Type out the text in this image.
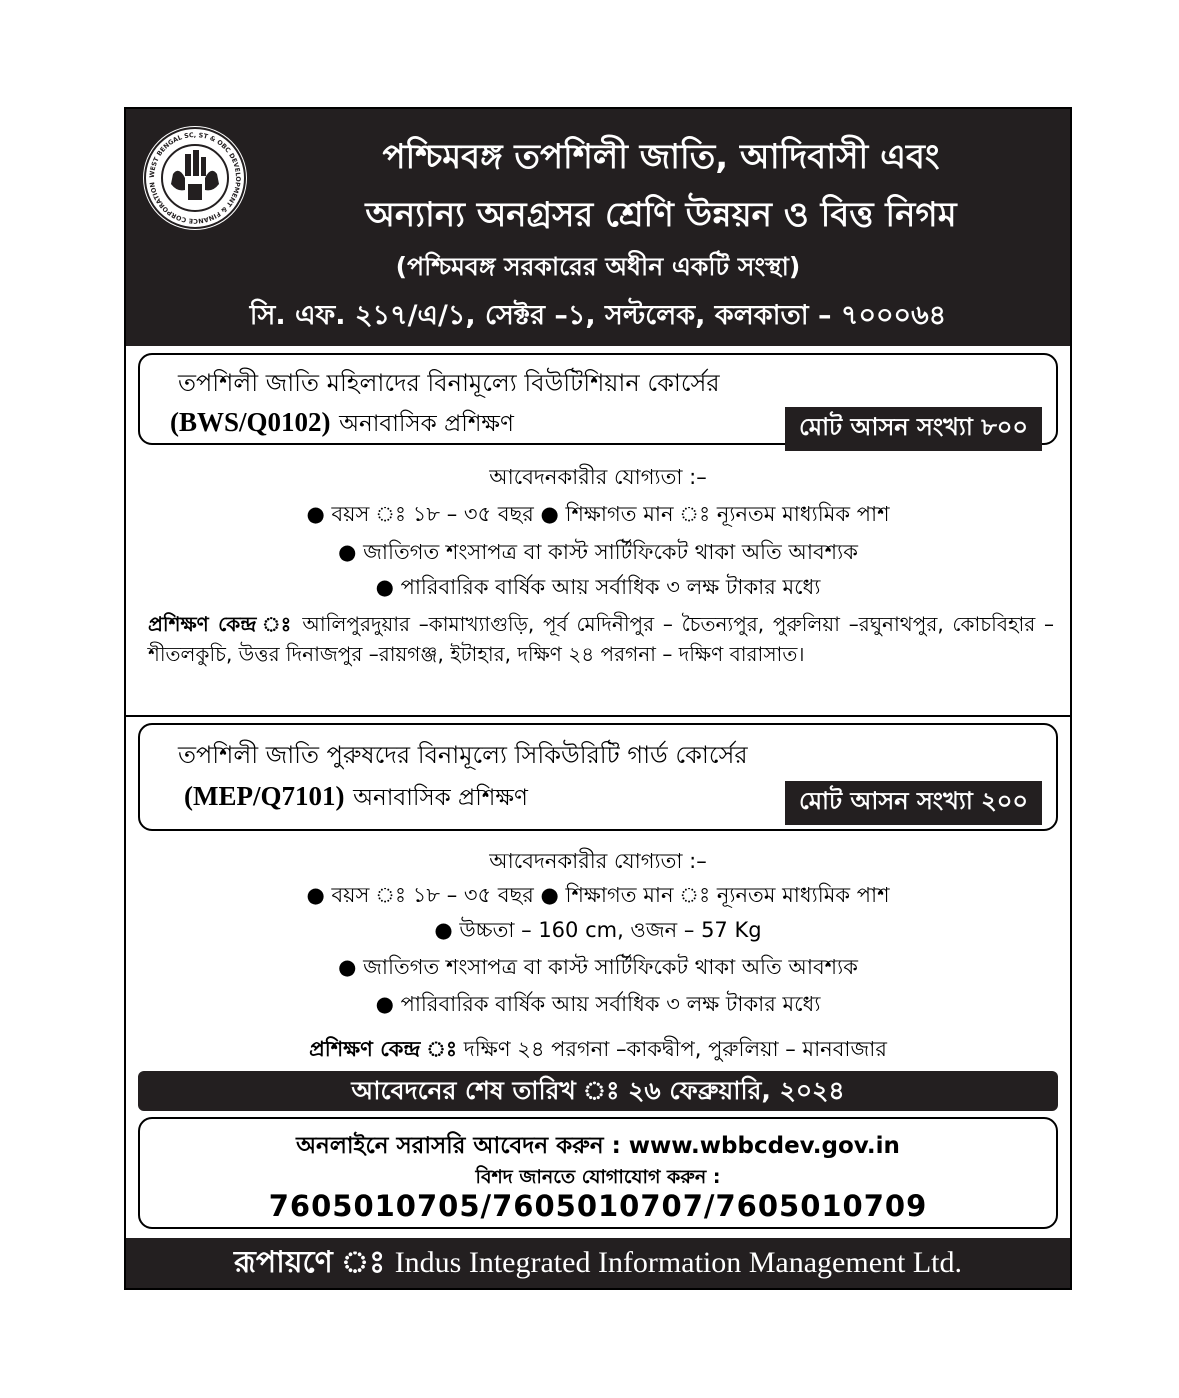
WEST BENGAL SC, ST & OBC DEVELOPMENT & FINANCE CORPORATION
পশ্চিমবঙ্গ তপশিলী জাতি, আদিবাসী এবং
অন্যান্য অনগ্রসর শ্রেণি উন্নয়ন ও বিত্ত নিগম
(পশ্চিমবঙ্গ সরকারের অধীন একটি সংস্থা)
সি. এফ. ২১৭/এ/১, সেক্টর –১, সল্টলেক, কলকাতা – ৭০০০৬৪
তপশিলী জাতি মহিলাদের বিনামূল্যে বিউটিশিয়ান কোর্সের
(BWS/Q0102) অনাবাসিক প্রশিক্ষণ	মোট আসন সংখ্যা ৮০০
আবেদনকারীর যোগ্যতা :–
● বয়স ঃ ১৮ – ৩৫ বছর ● শিক্ষাগত মান ঃ ন্যূনতম মাধ্যমিক পাশ
● জাতিগত শংসাপত্র বা কাস্ট সার্টিফিকেট থাকা অতি আবশ্যক
● পারিবারিক বার্ষিক আয় সর্বাধিক ৩ লক্ষ টাকার মধ্যে
প্রশিক্ষণ কেন্দ্র ঃ আলিপুরদুয়ার –কামাখ্যাগুড়ি, পূর্ব মেদিনীপুর – চৈতন্যপুর, পুরুলিয়া –রঘুনাথপুর, কোচবিহার – শীতলকুচি, উত্তর দিনাজপুর –রায়গঞ্জ, ইটাহার, দক্ষিণ ২৪ পরগনা – দক্ষিণ বারাসাত।
তপশিলী জাতি পুরুষদের বিনামূল্যে সিকিউরিটি গার্ড কোর্সের
(MEP/Q7101) অনাবাসিক প্রশিক্ষণ	মোট আসন সংখ্যা ২০০
আবেদনকারীর যোগ্যতা :–
● বয়স ঃ ১৮ – ৩৫ বছর ● শিক্ষাগত মান ঃ ন্যূনতম মাধ্যমিক পাশ
● উচ্চতা – 160 cm, ওজন – 57 Kg
● জাতিগত শংসাপত্র বা কাস্ট সার্টিফিকেট থাকা অতি আবশ্যক
● পারিবারিক বার্ষিক আয় সর্বাধিক ৩ লক্ষ টাকার মধ্যে
প্রশিক্ষণ কেন্দ্র ঃ দক্ষিণ ২৪ পরগনা –কাকদ্বীপ, পুরুলিয়া – মানবাজার
আবেদনের শেষ তারিখ ঃ ২৬ ফেব্রুয়ারি, ২০২৪
অনলাইনে সরাসরি আবেদন করুন : www.wbbcdev.gov.in
বিশদ জানতে যোগাযোগ করুন :
7605010705/7605010707/7605010709
রূপায়ণে ঃ Indus Integrated Information Management Ltd.
